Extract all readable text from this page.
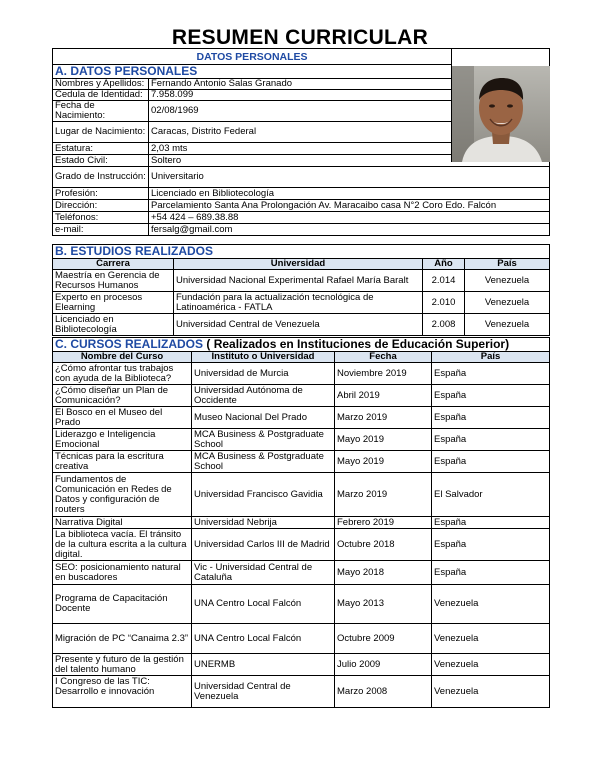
RESUMEN CURRICULAR
DATOS PERSONALES		
A. DATOS PERSONALES		
Nombres y Apellidos:	Fernando Antonio Salas Granado	
Cedula de Identidad:	7.958.099	
Fecha de Nacimiento:	02/08/1969	
Lugar de Nacimiento:	Caracas, Distrito Federal	
Estatura:	2,03 mts	
Estado Civil:	Soltero	
Grado de Instrucción:	Universitario	
Profesión:	Licenciado en Bibliotecología	
Dirección:	Parcelamiento Santa Ana Prolongación Av. Maracaibo casa N°2 Coro Edo. Falcón	
Teléfonos:	+54 424 – 689.38.88	
e-mail:	fersalg@gmail.com	
B. ESTUDIOS REALIZADOS			
Carrera	Universidad	Año	País
Maestría en Gerencia de Recursos Humanos	Universidad Nacional Experimental Rafael María Baralt	2.014	Venezuela
Experto en procesos Elearning	Fundación para la actualización tecnológica de Latinoamérica - FATLA	2.010	Venezuela
Licenciado en Bibliotecología	Universidad Central de Venezuela	2.008	Venezuela
C. CURSOS REALIZADOS ( Realizados en Instituciones de Educación Superior)			
Nombre del Curso	Instituto o Universidad	Fecha	País
¿Cómo afrontar tus trabajos con ayuda de la Biblioteca?	Universidad de Murcia	Noviembre 2019	España
¿Cómo diseñar un Plan de Comunicación?	Universidad Autónoma de Occidente	Abril 2019	España
El Bosco en el Museo del Prado	Museo Nacional Del Prado	Marzo 2019	España
Liderazgo e Inteligencia Emocional	MCA Business & Postgraduate School	Mayo 2019	España
Técnicas para la escritura creativa	MCA Business & Postgraduate School	Mayo 2019	España
Fundamentos de Comunicación en Redes de Datos y configuración de routers	Universidad Francisco Gavidia	Marzo 2019	El Salvador
Narrativa Digital	Universidad Nebrija	Febrero 2019	España
La biblioteca vacía. El tránsito de la cultura escrita a la cultura digital.	Universidad Carlos III de Madrid	Octubre 2018	España
SEO: posicionamiento natural en buscadores	Vic - Universidad Central de Cataluña	Mayo 2018	España
Programa de Capacitación Docente	UNA Centro Local Falcón	Mayo 2013	Venezuela
Migración de PC “Canaima 2.3”	UNA Centro Local Falcón	Octubre 2009	Venezuela
Presente y futuro de la gestión del talento humano	UNERMB	Julio 2009	Venezuela
I Congreso de las TIC: Desarrollo e innovación	Universidad Central de Venezuela	Marzo 2008	Venezuela
